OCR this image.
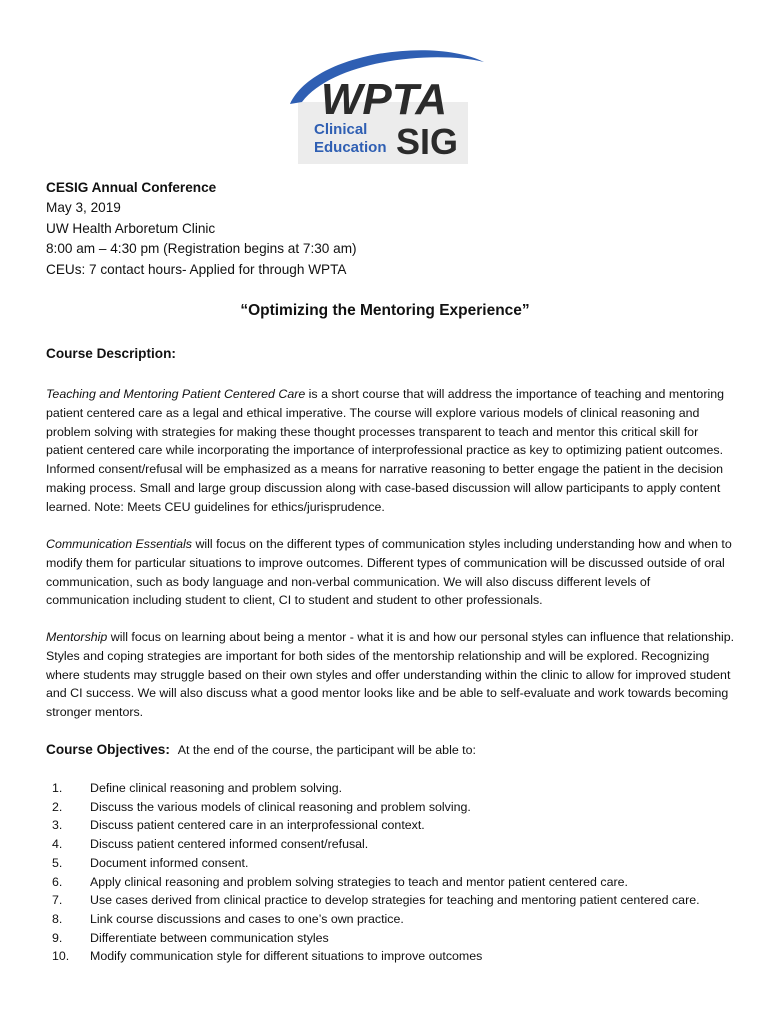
WPTA
Clinical
Education SIG
CESIG Annual Conference
May 3, 2019
UW Health Arboretum Clinic
8:00 am – 4:30 pm (Registration begins at 7:30 am)
CEUs: 7 contact hours- Applied for through WPTA
“Optimizing the Mentoring Experience”
Course Description:

Teaching and Mentoring Patient Centered Care is a short course that will address the importance of teaching and mentoring patient centered care as a legal and ethical imperative. The course will explore various models of clinical reasoning and problem solving with strategies for making these thought processes transparent to teach and mentor this critical skill for patient centered care while incorporating the importance of interprofessional practice as key to optimizing patient outcomes. Informed consent/refusal will be emphasized as a means for narrative reasoning to better engage the patient in the decision making process. Small and large group discussion along with case-based discussion will allow participants to apply content learned. Note: Meets CEU guidelines for ethics/jurisprudence.

Communication Essentials will focus on the different types of communication styles including understanding how and when to modify them for particular situations to improve outcomes. Different types of communication will be discussed outside of oral communication, such as body language and non-verbal communication. We will also discuss different levels of communication including student to client, CI to student and student to other professionals.

Mentorship will focus on learning about being a mentor - what it is and how our personal styles can influence that relationship. Styles and coping strategies are important for both sides of the mentorship relationship and will be explored. Recognizing where students may struggle based on their own styles and offer understanding within the clinic to allow for improved student and CI success. We will also discuss what a good mentor looks like and be able to self-evaluate and work towards becoming stronger mentors.

Course Objectives: At the end of the course, the participant will be able to:
1.	Define clinical reasoning and problem solving.
2.	Discuss the various models of clinical reasoning and problem solving.
3.	Discuss patient centered care in an interprofessional context.
4.	Discuss patient centered informed consent/refusal.
5.	Document informed consent.
6.	Apply clinical reasoning and problem solving strategies to teach and mentor patient centered care.
7.	Use cases derived from clinical practice to develop strategies for teaching and mentoring patient centered care.
8.	Link course discussions and cases to one’s own practice.
9.	Differentiate between communication styles
10.	Modify communication style for different situations to improve outcomes
